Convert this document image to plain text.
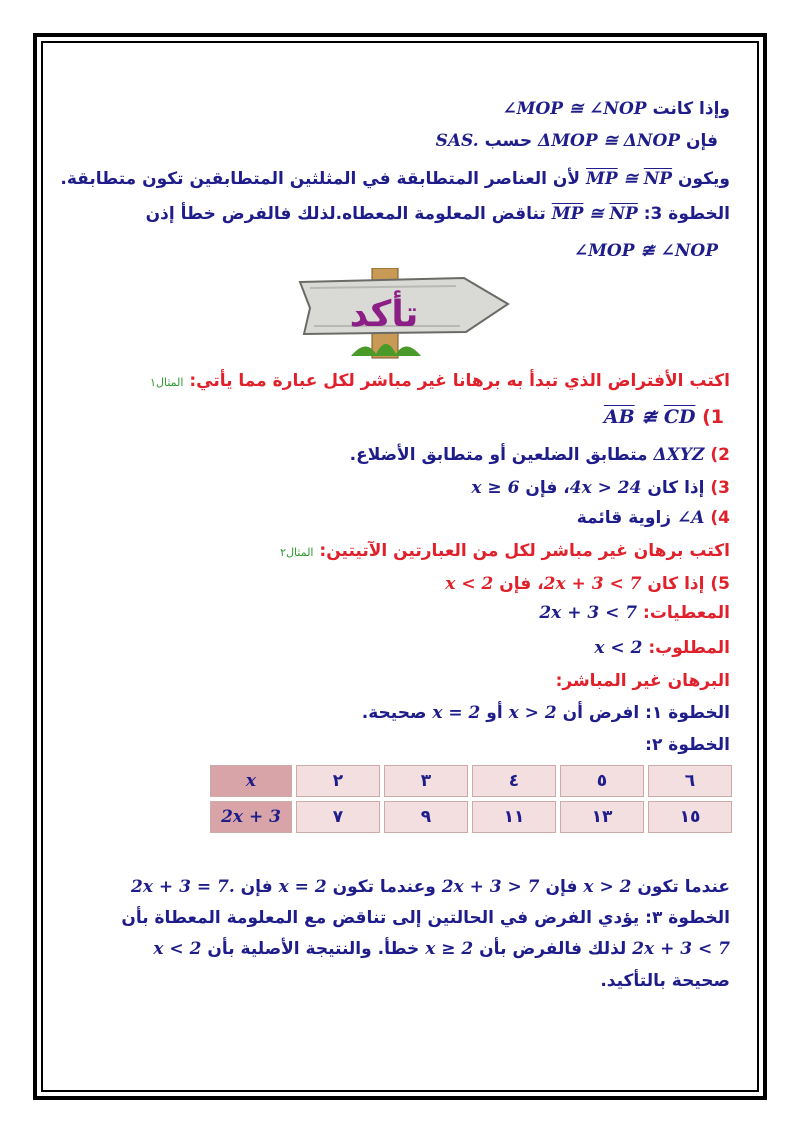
وإذا كانت ∠MOP ≅ ∠NOP
فإن ΔMOP ≅ ΔNOP حسب SAS.
ويكون $\overline{MP}$ ≅ $\overline{NP}$ لأن العناصر المتطابقة في المثلثين المتطابقين تكون متطابقة.
الخطوة 3: $\overline{MP}$ ≅ $\overline{NP}$ تناقض المعلومة المعطاه.لذلك فالفرض خطأ إذن
∠MOP ≇ ∠NOP
تأكد
اكتب الأفتراض الذي تبدأ به برهانا غير مباشر لكل عبارة مما يأتي: المثال١
1) $\overline{AB}$ ≇ $\overline{CD}$
2) ΔXYZ متطابق الضلعين أو متطابق الأضلاع.
3) إذا كان 4x > 24، فإن x ≥ 6
4) ∠A زاوية قائمة
اكتب برهان غير مباشر لكل من العبارتين الآتيتين: المثال٢
5) إذا كان 2x + 3 < 7، فإن x < 2
المعطيات: 2x + 3 < 7
المطلوب: x < 2
البرهان غير المباشر:
الخطوة ١: افرض أن x > 2 أو x = 2 صحيحة.
الخطوة ٢:
x	٢	٣	٤	٥	٦
2x + 3	٧	٩	١١	١٣	١٥
عندما تكون x > 2 فإن 2x + 3 > 7 وعندما تكون x = 2 فإن 2x + 3 = 7.
الخطوة ٣: يؤدي الفرض في الحالتين إلى تناقض مع المعلومة المعطاة بأن
2x + 3 < 7 لذلك فالفرض بأن x ≥ 2 خطأ. والنتيجة الأصلية بأن x < 2
صحيحة بالتأكيد.
